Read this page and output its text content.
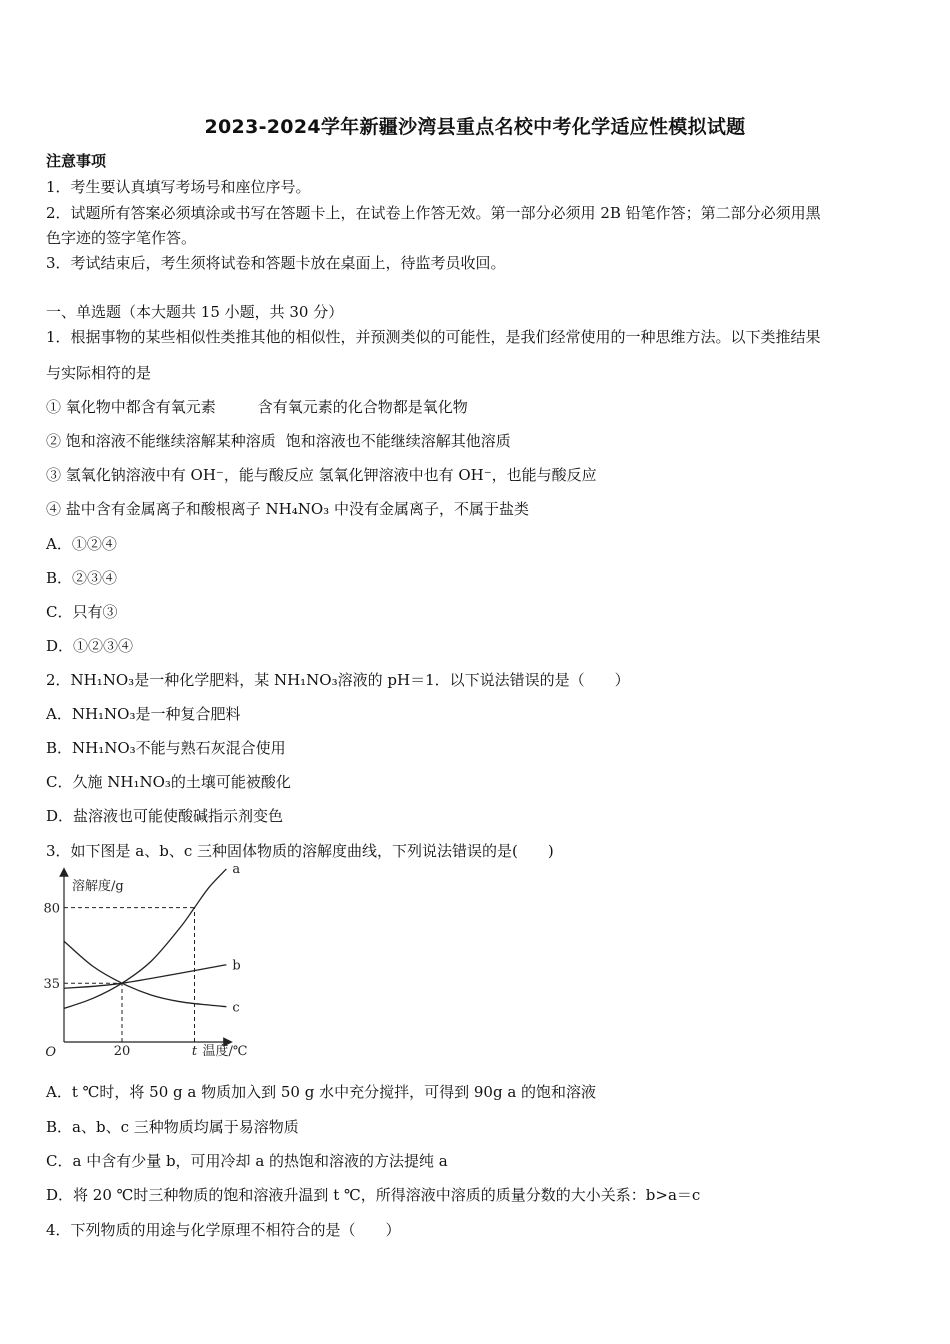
2023-2024学年新疆沙湾县重点名校中考化学适应性模拟试题
注意事项
1．考生要认真填写考场号和座位序号。
2．试题所有答案必须填涂或书写在答题卡上，在试卷上作答无效。第一部分必须用 2B 铅笔作答；第二部分必须用黑
色字迹的签字笔作答。
3．考试结束后，考生须将试卷和答题卡放在桌面上，待监考员收回。
一、单选题（本大题共 15 小题，共 30 分）
1．根据事物的某些相似性类推其他的相似性，并预测类似的可能性，是我们经常使用的一种思维方法。以下类推结果
与实际相符的是
① 氧化物中都含有氧元素	含有氧元素的化合物都是氧化物
② 饱和溶液不能继续溶解某种溶质 饱和溶液也不能继续溶解其他溶质
③ 氢氧化钠溶液中有 OH⁻，能与酸反应 氢氧化钾溶液中也有 OH⁻，也能与酸反应
④ 盐中含有金属离子和酸根离子 NH₄NO₃ 中没有金属离子，不属于盐类
A．①②④
B．②③④
C．只有③
D．①②③④
2．NH₁NO₃是一种化学肥料，某 NH₁NO₃溶液的 pH＝1．以下说法错误的是（　　）
A．NH₁NO₃是一种复合肥料
B．NH₁NO₃不能与熟石灰混合使用
C．久施 NH₁NO₃的土壤可能被酸化
D．盐溶液也可能使酸碱指示剂变色
3．如下图是 a、b、c 三种固体物质的溶解度曲线，下列说法错误的是(　　)
a
b
c
35
80
20	t
O
溶解度/g
温度/℃
A．t ℃时，将 50 g a 物质加入到 50 g 水中充分搅拌，可得到 90g a 的饱和溶液
B．a、b、c 三种物质均属于易溶物质
C．a 中含有少量 b，可用冷却 a 的热饱和溶液的方法提纯 a
D．将 20 ℃时三种物质的饱和溶液升温到 t ℃，所得溶液中溶质的质量分数的大小关系：b>a＝c
4．下列物质的用途与化学原理不相符合的是（　　）
